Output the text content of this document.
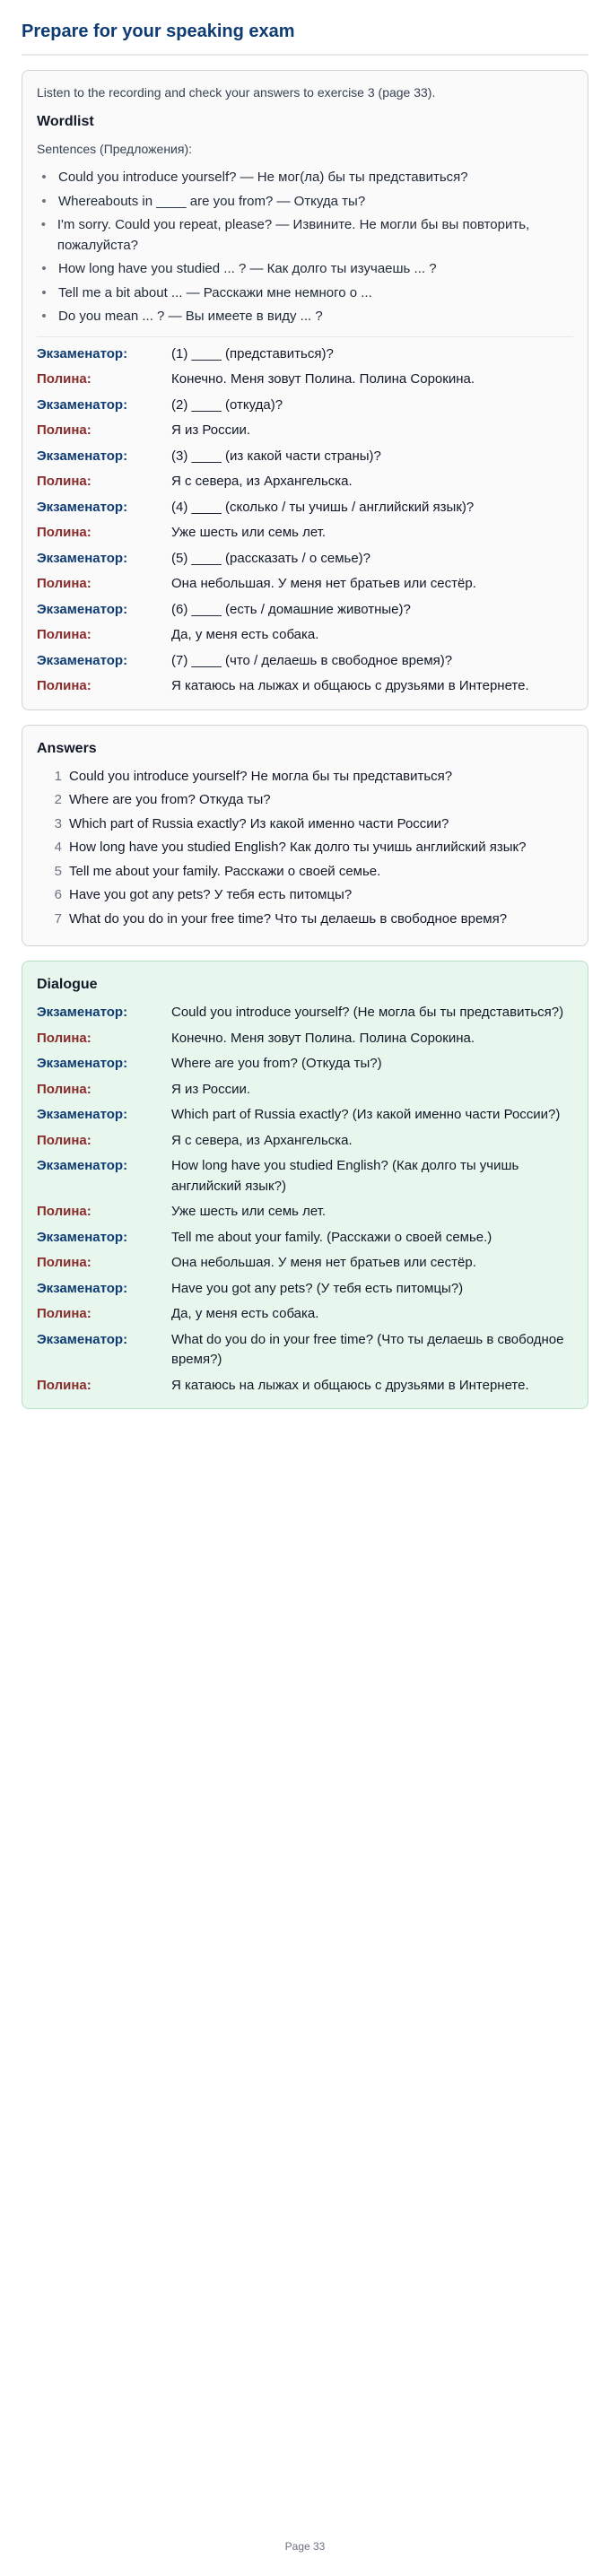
Prepare for your speaking exam
Listen to the recording and check your answers to exercise 3 (page 33).
Wordlist
Sentences (Предложения):
• Could you introduce yourself? — Не мог(ла) бы ты представиться?
• Whereabouts in ____ are you from? — Откуда ты?
• I'm sorry. Could you repeat, please? — Извините. Не могли бы вы повторить, пожалуйста?
• How long have you studied ... ? — Как долго ты изучаешь ... ?
• Tell me a bit about ... — Расскажи мне немного о ...
• Do you mean ... ? — Вы имеете в виду ... ?
Экзаменатор:	(1) ____ (представиться)?
Полина:	Конечно. Меня зовут Полина. Полина Сорокина.
Экзаменатор:	(2) ____ (откуда)?
Полина:	Я из России.
Экзаменатор:	(3) ____ (из какой части страны)?
Полина:	Я с севера, из Архангельска.
Экзаменатор:	(4) ____ (сколько / ты учишь / английский язык)?
Полина:	Уже шесть или семь лет.
Экзаменатор:	(5) ____ (рассказать / о семье)?
Полина:	Она небольшая. У меня нет братьев или сестёр.
Экзаменатор:	(6) ____ (есть / домашние животные)?
Полина:	Да, у меня есть собака.
Экзаменатор:	(7) ____ (что / делаешь в свободное время)?
Полина:	Я катаюсь на лыжах и общаюсь с друзьями в Интернете.
Answers
1 Could you introduce yourself? Не могла бы ты представиться?
2 Where are you from? Откуда ты?
3 Which part of Russia exactly? Из какой именно части России?
4 How long have you studied English? Как долго ты учишь английский язык?
5 Tell me about your family. Расскажи о своей семье.
6 Have you got any pets? У тебя есть питомцы?
7 What do you do in your free time? Что ты делаешь в свободное время?
Dialogue
Экзаменатор:	Could you introduce yourself? (Не могла бы ты представиться?)
Полина:	Конечно. Меня зовут Полина. Полина Сорокина.
Экзаменатор:	Where are you from? (Откуда ты?)
Полина:	Я из России.
Экзаменатор:	Which part of Russia exactly? (Из какой именно части России?)
Полина:	Я с севера, из Архангельска.
Экзаменатор:	How long have you studied English? (Как долго ты учишь английский язык?)
Полина:	Уже шесть или семь лет.
Экзаменатор:	Tell me about your family. (Расскажи о своей семье.)
Полина:	Она небольшая. У меня нет братьев или сестёр.
Экзаменатор:	Have you got any pets? (У тебя есть питомцы?)
Полина:	Да, у меня есть собака.
Экзаменатор:	What do you do in your free time? (Что ты делаешь в свободное время?)
Полина:	Я катаюсь на лыжах и общаюсь с друзьями в Интернете.
Page 33
